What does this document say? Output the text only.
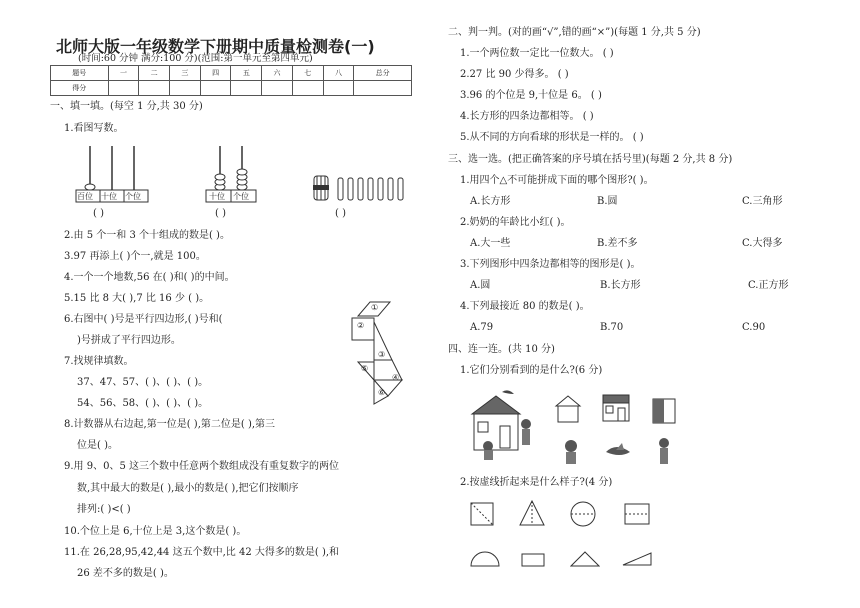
北师大版一年级数学下册期中质量检测卷(一)
(时间:60 分钟 满分:100 分)(范围:第一单元至第四单元)
题号	一	二	三	四	五	六	七	八	总分
得分									
一、填一填。(每空 1 分,共 30 分)
1.看图写数。
百位 十位 个位
( )
十位 个位
( )	( )
2.由 5 个一和 3 个十组成的数是( )。
3.97 再添上( )个一,就是 100。
4.一个一个地数,56 在( )和( )的中间。
5.15 比 8 大( ),7 比 16 少 ( )。
6.右图中( )号是平行四边形,( )号和(
)号拼成了平行四边形。
7.找规律填数。
37、47、57、( )、( )、( )。
54、56、58、( )、( )、( )。
8.计数器从右边起,第一位是( ),第二位是( ),第三
位是( )。
9.用 9、0、5 这三个数中任意两个数组成没有重复数字的两位
数,其中最大的数是( ),最小的数是( ),把它们按顺序
排列:( )<( )
10.个位上是 6,十位上是 3,这个数是( )。
11.在 26,28,95,42,44 这五个数中,比 42 大得多的数是( ),和
26 差不多的数是( )。
①
②
③
④
⑤
⑥
二、判一判。(对的画“√”,错的画“×”)(每题 1 分,共 5 分)
1.一个两位数一定比一位数大。 ( )
2.27 比 90 少得多。 ( )
3.96 的个位是 9,十位是 6。 ( )
4.长方形的四条边都相等。 ( )
5.从不同的方向看球的形状是一样的。 ( )
三、选一选。(把正确答案的序号填在括号里)(每题 2 分,共 8 分)
1.用四个△不可能拼成下面的哪个图形?( )。
A.长方形	B.圆	C.三角形
2.奶奶的年龄比小红( )。
A.大一些	B.差不多	C.大得多
3.下列图形中四条边都相等的图形是( )。
A.圆	B.长方形	C.正方形
4.下列最接近 80 的数是( )。
A.79	B.70	C.90
四、连一连。(共 10 分)
1.它们分别看到的是什么?(6 分)
2.按虚线折起来是什么样子?(4 分)
